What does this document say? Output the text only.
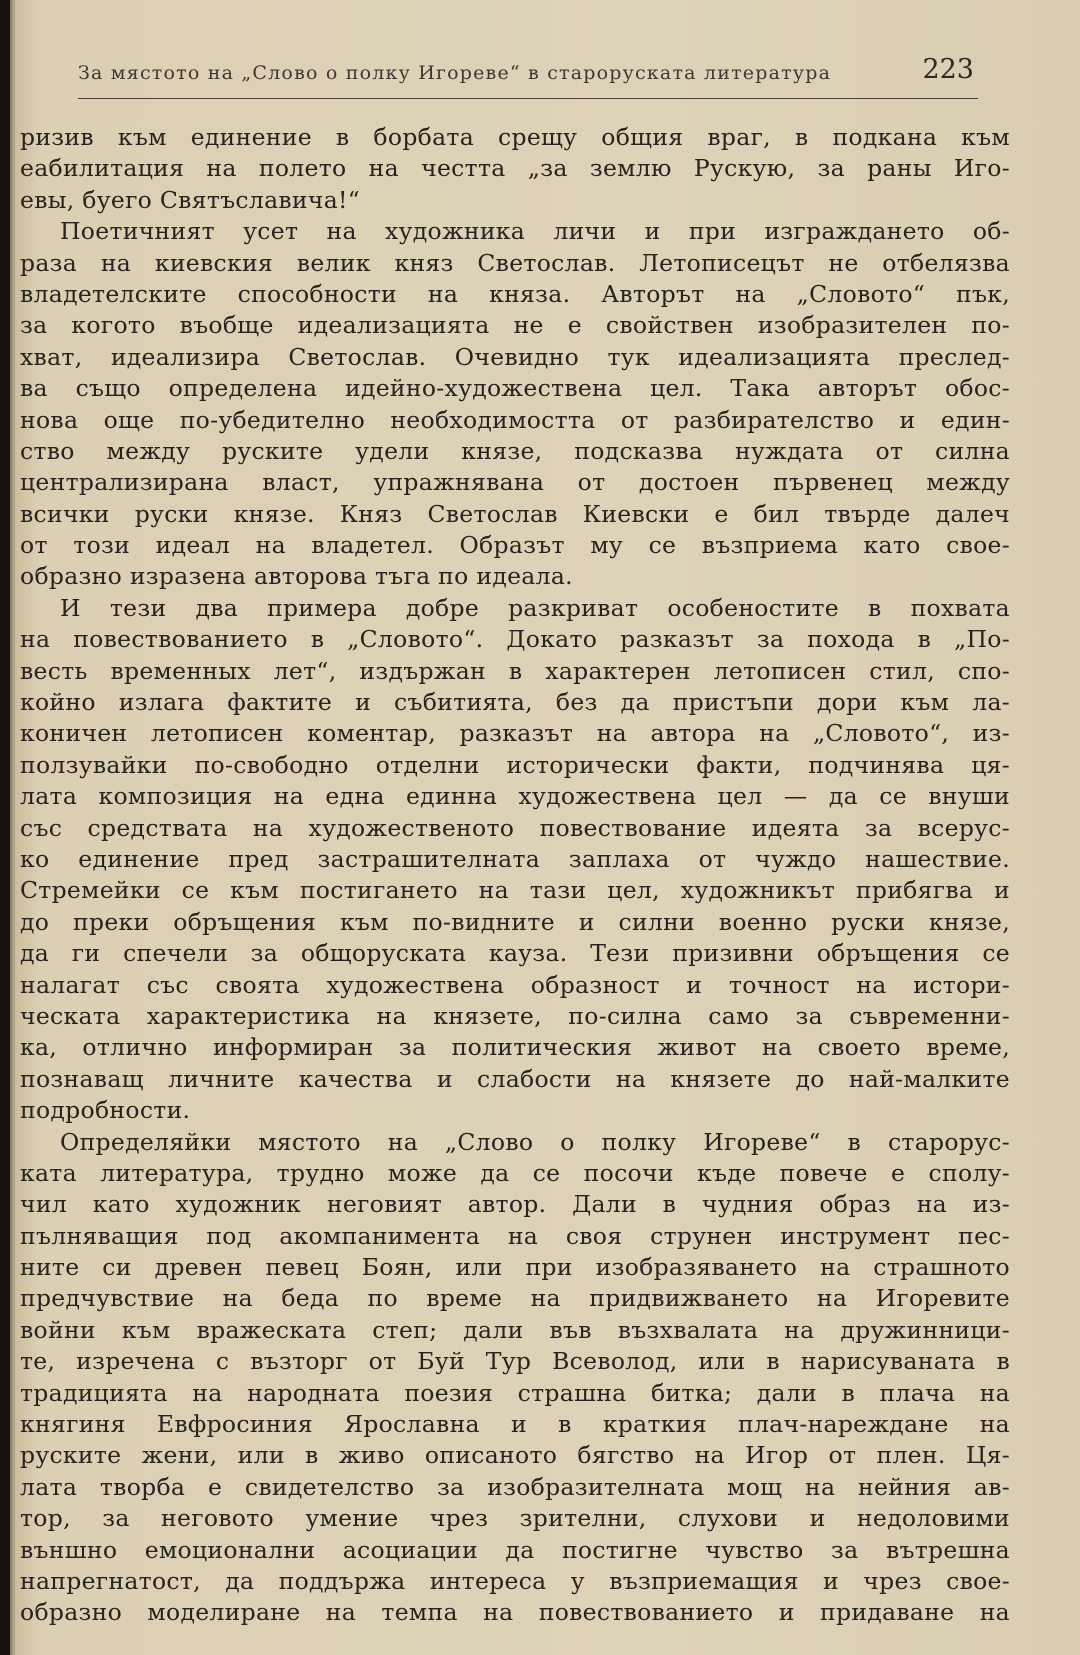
За мястото на „Слово о полку Игореве“ в староруската литература	223
ризив към единение в борбата срещу общия враг, в подкана към
еабилитация на полето на честта „за землю Рускую, за раны Иго-
евы, буего Святъславича!“
Поетичният усет на художника личи и при изграждането об-
раза на киевския велик княз Светослав. Летописецът не отбелязва
владетелските способности на княза. Авторът на „Словото“ пък,
за когото въобще идеализацията не е свойствен изобразителен по-
хват, идеализира Светослав. Очевидно тук идеализацията преслед-
ва също определена идейно-художествена цел. Така авторът обос-
нова още по-убедително необходимостта от разбирателство и един-
ство между руските удели князе, подсказва нуждата от силна
централизирана власт, упражнявана от достоен първенец между
всички руски князе. Княз Светослав Киевски е бил твърде далеч
от този идеал на владетел. Образът му се възприема като свое-
образно изразена авторова тъга по идеала.
И тези два примера добре разкриват особеностите в похвата
на повествованието в „Словото“. Докато разказът за похода в „По-
весть временных лет“, издържан в характерен летописен стил, спо-
койно излага фактите и събитията, без да пристъпи дори към ла-
коничен летописен коментар, разказът на автора на „Словото“, из-
ползувайки по-свободно отделни исторически факти, подчинява ця-
лата композиция на една единна художествена цел — да се внуши
със средствата на художественото повествование идеята за всерус-
ко единение пред застрашителната заплаха от чуждо нашествие.
Стремейки се към постигането на тази цел, художникът прибягва и
до преки обръщения към по-видните и силни военно руски князе,
да ги спечели за общоруската кауза. Тези призивни обръщения се
налагат със своята художествена образност и точност на истори-
ческата характеристика на князете, по-силна само за съвременни-
ка, отлично информиран за политическия живот на своето време,
познаващ личните качества и слабости на князете до най-малките
подробности.
Определяйки мястото на „Слово о полку Игореве“ в старорус-
ката литература, трудно може да се посочи къде повече е сполу-
чил като художник неговият автор. Дали в чудния образ на из-
пълняващия под акомпанимента на своя струнен инструмент пес-
ните си древен певец Боян, или при изобразяването на страшното
предчувствие на беда по време на придвижването на Игоревите
войни към вражеската степ; дали във възхвалата на дружинници-
те, изречена с възторг от Буй Тур Всеволод, или в нарисуваната в
традицията на народната поезия страшна битка; дали в плача на
княгиня Евфросиния Ярославна и в краткия плач-нареждане на
руските жени, или в живо описаното бягство на Игор от плен. Ця-
лата творба е свидетелство за изобразителната мощ на нейния ав-
тор, за неговото умение чрез зрителни, слухови и недоловими
външно емоционални асоциации да постигне чувство за вътрешна
напрегнатост, да поддържа интереса у възприемащия и чрез свое-
образно моделиране на темпа на повествованието и придаване на
